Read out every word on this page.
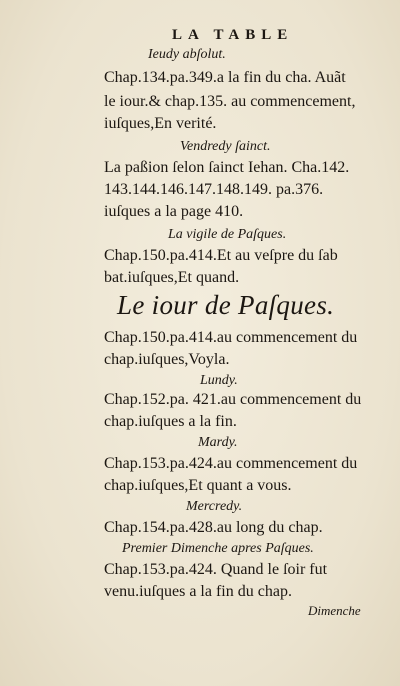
LA TABLE
Ieudy abſolut.
Chap.134.pa.349.a la fin du cha. Auãt
le iour.& chap.135. au commencement,
iuſques,En verité.
Vendredy ſainct.
La paßion ſelon ſainct Iehan. Cha.142.
143.144.146.147.148.149. pa.376.
iuſques a la page 410.
La vigile de Paſques.
Chap.150.pa.414.Et au veſpre du ſab
bat.iuſques,Et quand.
Le iour de Paſques.
Chap.150.pa.414.au commencement du
chap.iuſques,Voyla.
Lundy.
Chap.152.pa. 421.au commencement du
chap.iuſques a la fin.
Mardy.
Chap.153.pa.424.au commencement du
chap.iuſques,Et quant a vous.
Mercredy.
Chap.154.pa.428.au long du chap.
Premier Dimenche apres Paſques.
Chap.153.pa.424. Quand le ſoir fut
venu.iuſques a la fin du chap.
Dimenche
